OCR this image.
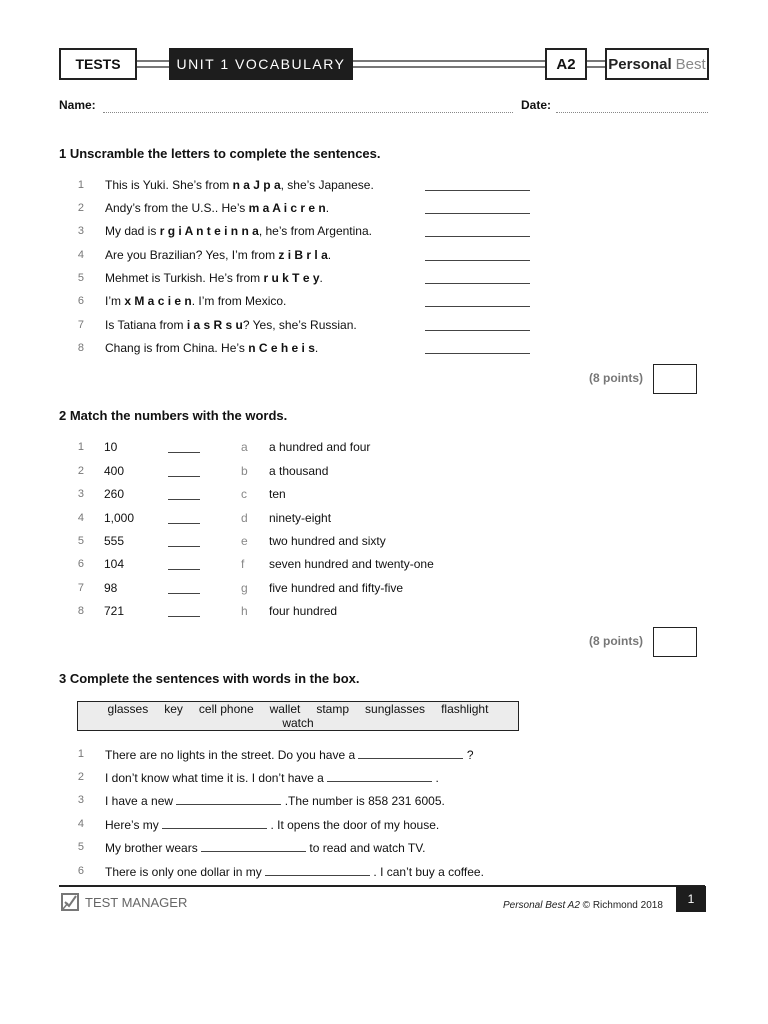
TESTS	UNIT 1 VOCABULARY	A2	Personal Best
Name:	Date:
1 Unscramble the letters to complete the sentences.
1 This is Yuki. She’s from n a J p a, she’s Japanese.
2 Andy’s from the U.S.. He’s m a A i c r e n.
3 My dad is r g i A n t e i n n a, he’s from Argentina.
4 Are you Brazilian? Yes, I’m from z i B r l a.
5 Mehmet is Turkish. He’s from r u k T e y.
6 I’m x M a c i e n. I’m from Mexico.
7 Is Tatiana from i a s R s u? Yes, she’s Russian.
8 Chang is from China. He’s n C e h e i s.
(8 points)
2 Match the numbers with the words.
1 10	a a hundred and four
2 400	b a thousand
3 260	c ten
4 1,000	d ninety-eight
5 555	e two hundred and sixty
6 104	f seven hundred and twenty-one
7 98	g five hundred and fifty-five
8 721	h four hundred
(8 points)
3 Complete the sentences with words in the box.
glasses key cell phone wallet stamp sunglasses flashlight
watch
1 There are no lights in the street. Do you have a	?
2 I don’t know what time it is. I don’t have a	.
3 I have a new	.The number is 858 231 6005.
4 Here’s my	. It opens the door of my house.
5 My brother wears	to read and watch TV.
6 There is only one dollar in my	. I can’t buy a coffee.
TEST MANAGER	Personal Best A2 © Richmond 2018	1
